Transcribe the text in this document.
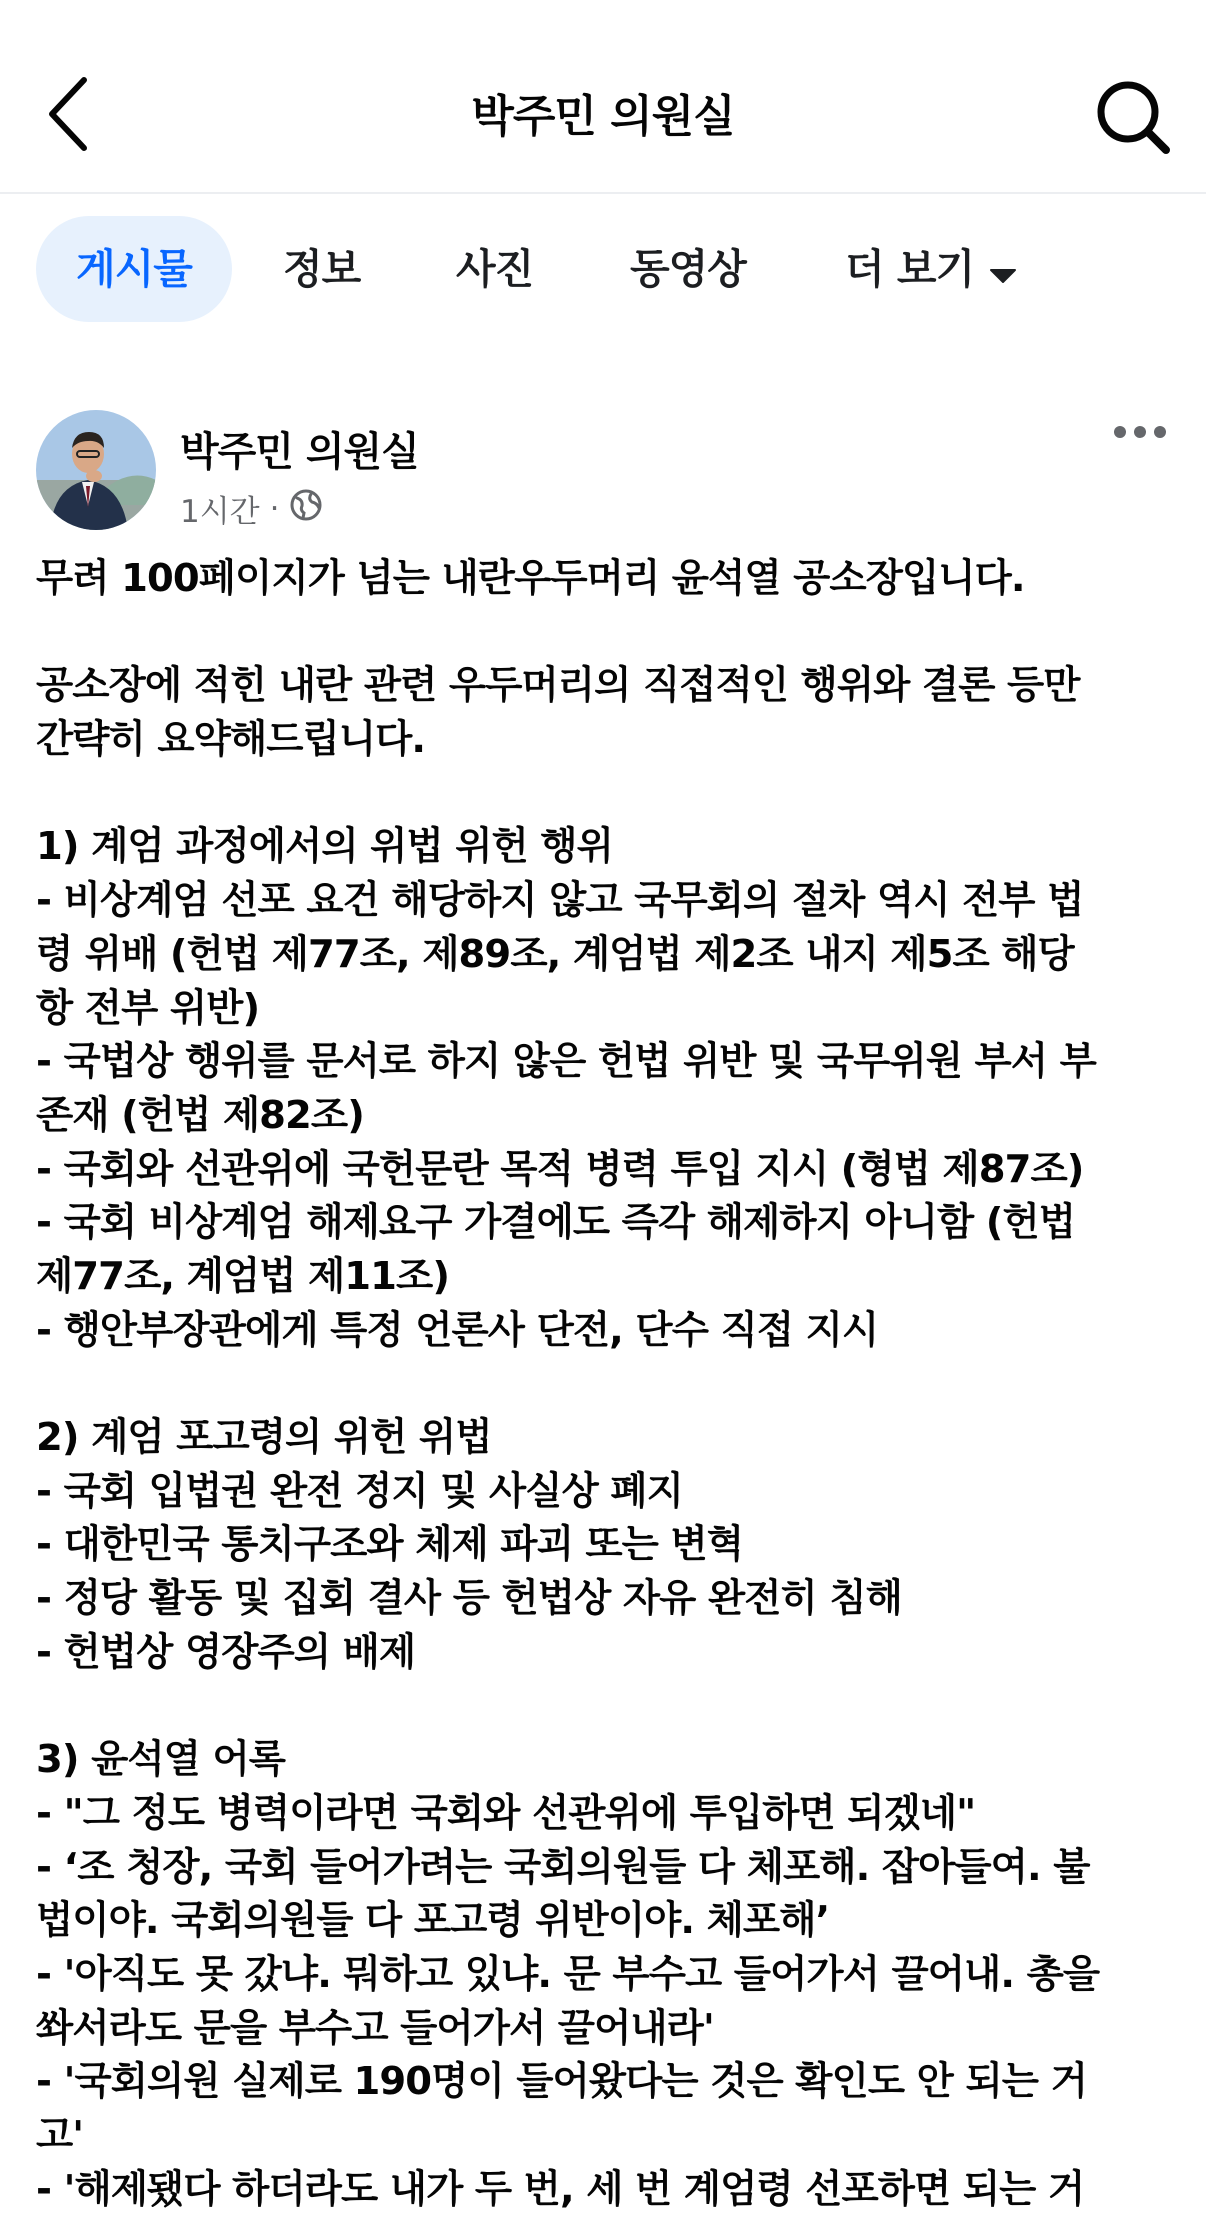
박주민 의원실
게시물	정보 사진 동영상 더 보기
박주민 의원실
1시간 ·
무려 100페이지가 넘는 내란우두머리 윤석열 공소장입니다.
공소장에 적힌 내란 관련 우두머리의 직접적인 행위와 결론 등만
간략히 요약해드립니다.
1) 계엄 과정에서의 위법 위헌 행위
- 비상계엄 선포 요건 해당하지 않고 국무회의 절차 역시 전부 법
령 위배 (헌법 제77조, 제89조, 계엄법 제2조 내지 제5조 해당
항 전부 위반)
- 국법상 행위를 문서로 하지 않은 헌법 위반 및 국무위원 부서 부
존재 (헌법 제82조)
- 국회와 선관위에 국헌문란 목적 병력 투입 지시 (형법 제87조)
- 국회 비상계엄 해제요구 가결에도 즉각 해제하지 아니함 (헌법
제77조, 계엄법 제11조)
- 행안부장관에게 특정 언론사 단전, 단수 직접 지시
2) 계엄 포고령의 위헌 위법
- 국회 입법권 완전 정지 및 사실상 폐지
- 대한민국 통치구조와 체제 파괴 또는 변혁
- 정당 활동 및 집회 결사 등 헌법상 자유 완전히 침해
- 헌법상 영장주의 배제
3) 윤석열 어록
- "그 정도 병력이라면 국회와 선관위에 투입하면 되겠네"
- ‘조 청장, 국회 들어가려는 국회의원들 다 체포해. 잡아들여. 불
법이야. 국회의원들 다 포고령 위반이야. 체포해’
- '아직도 못 갔냐. 뭐하고 있냐. 문 부수고 들어가서 끌어내. 총을
쏴서라도 문을 부수고 들어가서 끌어내라'
- '국회의원 실제로 190명이 들어왔다는 것은 확인도 안 되는 거
고'
- '해제됐다 하더라도 내가 두 번, 세 번 계엄령 선포하면 되는 거
